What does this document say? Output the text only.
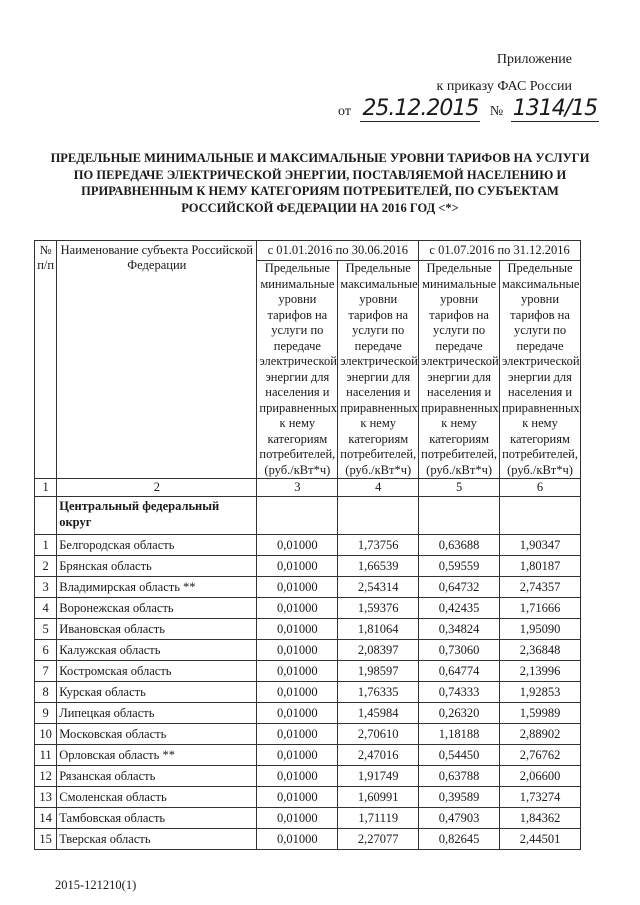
Приложение
к приказу ФАС России
от 25.12.2015 № 1314/15
ПРЕДЕЛЬНЫЕ МИНИМАЛЬНЫЕ И МАКСИМАЛЬНЫЕ УРОВНИ ТАРИФОВ НА УСЛУГИ ПО ПЕРЕДАЧЕ ЭЛЕКТРИЧЕСКОЙ ЭНЕРГИИ, ПОСТАВЛЯЕМОЙ НАСЕЛЕНИЮ И ПРИРАВНЕННЫМ К НЕМУ КАТЕГОРИЯМ ПОТРЕБИТЕЛЕЙ, ПО СУБЪЕКТАМ РОССИЙСКОЙ ФЕДЕРАЦИИ НА 2016 ГОД <*>
№ п/п	Наименование субъекта Российской Федерации	с 01.01.2016 по 30.06.2016		с 01.07.2016 по 31.12.2016	
		Предельные минимальные уровни тарифов на услуги по передаче электрической энергии для населения и приравненных к нему категориям потребителей, (руб./кВт*ч)	Предельные максимальные уровни тарифов на услуги по передаче электрической энергии для населения и приравненных к нему категориям потребителей, (руб./кВт*ч)	Предельные минимальные уровни тарифов на услуги по передаче электрической энергии для населения и приравненных к нему категориям потребителей, (руб./кВт*ч)	Предельные максимальные уровни тарифов на услуги по передаче электрической энергии для населения и приравненных к нему категориям потребителей, (руб./кВт*ч)
1	2	3	4	5	6
	Центральный федеральный округ				
1	Белгородская область	0,01000	1,73756	0,63688	1,90347
2	Брянская область	0,01000	1,66539	0,59559	1,80187
3	Владимирская область **	0,01000	2,54314	0,64732	2,74357
4	Воронежская область	0,01000	1,59376	0,42435	1,71666
5	Ивановская область	0,01000	1,81064	0,34824	1,95090
6	Калужская область	0,01000	2,08397	0,73060	2,36848
7	Костромская область	0,01000	1,98597	0,64774	2,13996
8	Курская область	0,01000	1,76335	0,74333	1,92853
9	Липецкая область	0,01000	1,45984	0,26320	1,59989
10	Московская область	0,01000	2,70610	1,18188	2,88902
11	Орловская область **	0,01000	2,47016	0,54450	2,76762
12	Рязанская область	0,01000	1,91749	0,63788	2,06600
13	Смоленская область	0,01000	1,60991	0,39589	1,73274
14	Тамбовская область	0,01000	1,71119	0,47903	1,84362
15	Тверская область	0,01000	2,27077	0,82645	2,44501
2015-121210(1)
